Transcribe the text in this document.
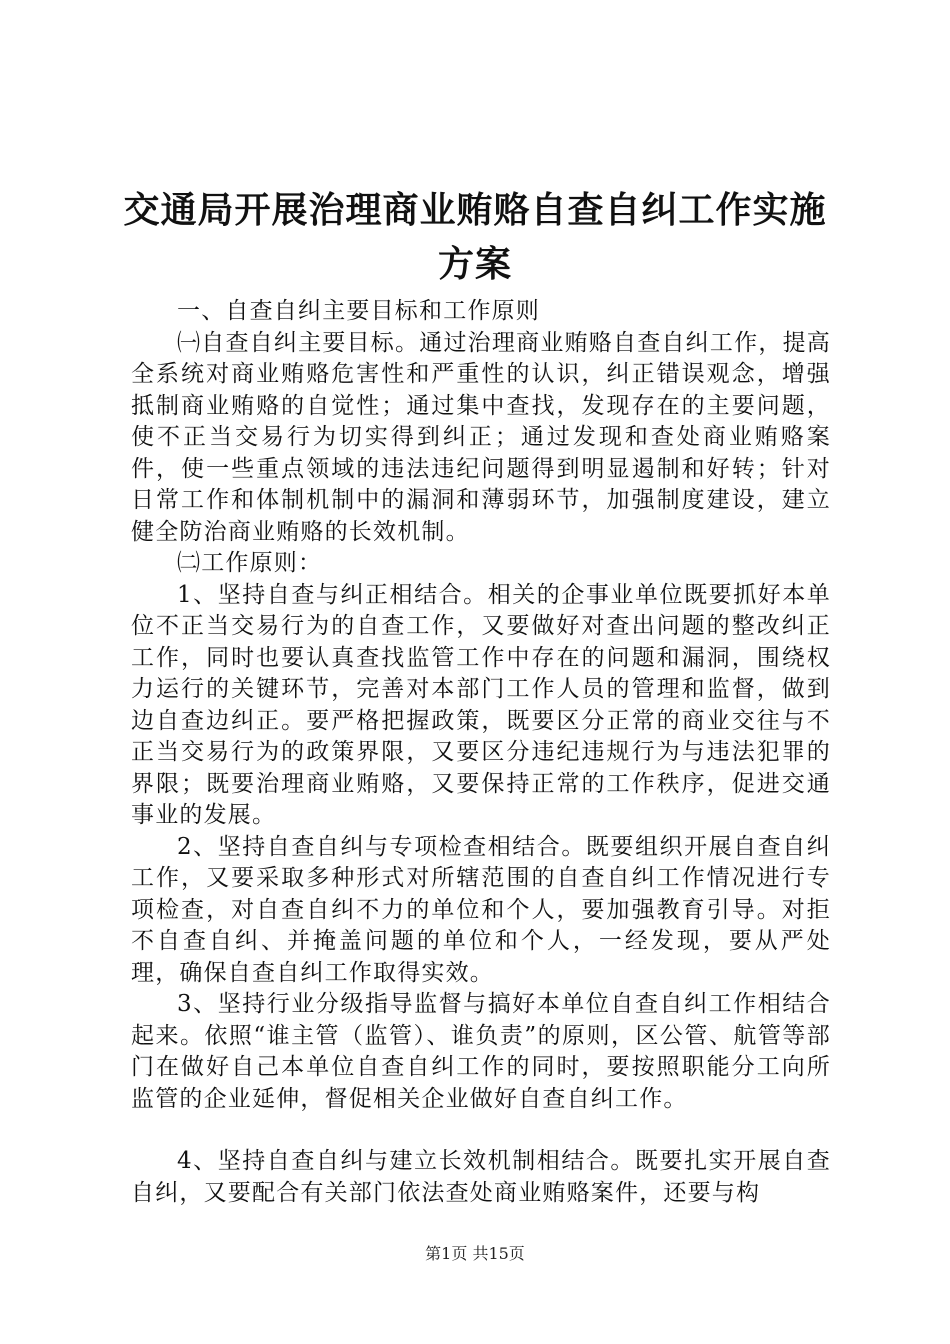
交通局开展治理商业贿赂自查自纠工作实施方案

一、自查自纠主要目标和工作原则

㈠自查自纠主要目标。通过治理商业贿赂自查自纠工作，提高全系统对商业贿赂危害性和严重性的认识，纠正错误观念，增强抵制商业贿赂的自觉性；通过集中查找，发现存在的主要问题，使不正当交易行为切实得到纠正；通过发现和查处商业贿赂案件，使一些重点领域的违法违纪问题得到明显遏制和好转；针对日常工作和体制机制中的漏洞和薄弱环节，加强制度建设，建立健全防治商业贿赂的长效机制。

㈡工作原则：

1、坚持自查与纠正相结合。相关的企事业单位既要抓好本单位不正当交易行为的自查工作，又要做好对查出问题的整改纠正工作，同时也要认真查找监管工作中存在的问题和漏洞，围绕权力运行的关键环节，完善对本部门工作人员的管理和监督，做到边自查边纠正。要严格把握政策，既要区分正常的商业交往与不正当交易行为的政策界限，又要区分违纪违规行为与违法犯罪的界限；既要治理商业贿赂，又要保持正常的工作秩序，促进交通事业的发展。

2、坚持自查自纠与专项检查相结合。既要组织开展自查自纠工作，又要采取多种形式对所辖范围的自查自纠工作情况进行专项检查，对自查自纠不力的单位和个人，要加强教育引导。对拒不自查自纠、并掩盖问题的单位和个人，一经发现，要从严处理，确保自查自纠工作取得实效。

3、坚持行业分级指导监督与搞好本单位自查自纠工作相结合起来。依照“谁主管（监管）、谁负责”的原则，区公管、航管等部门在做好自己本单位自查自纠工作的同时，要按照职能分工向所监管的企业延伸，督促相关企业做好自查自纠工作。

4、坚持自查自纠与建立长效机制相结合。既要扎实开展自查自纠，又要配合有关部门依法查处商业贿赂案件，还要与构

第1页 共15页
